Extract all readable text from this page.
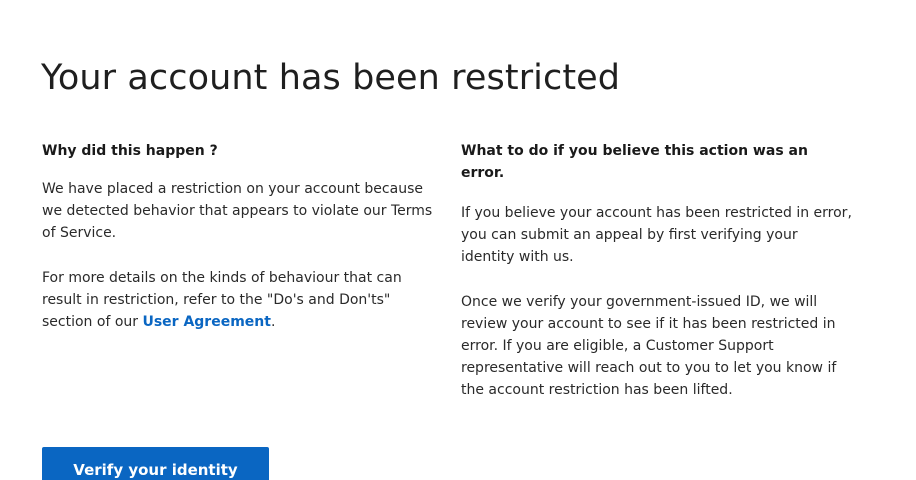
Your account has been restricted
Why did this happen ?

We have placed a restriction on your account because we detected behavior that appears to violate our Terms of Service.

For more details on the kinds of behaviour that can result in restriction, refer to the "Do's and Don'ts" section of our User Agreement.

What to do if you believe this action was an error.

If you believe your account has been restricted in error, you can submit an appeal by first verifying your identity with us.

Once we verify your government-issued ID, we will review your account to see if it has been restricted in error. If you are eligible, a Customer Support representative will reach out to you to let you know if the account restriction has been lifted.

Verify your identity
